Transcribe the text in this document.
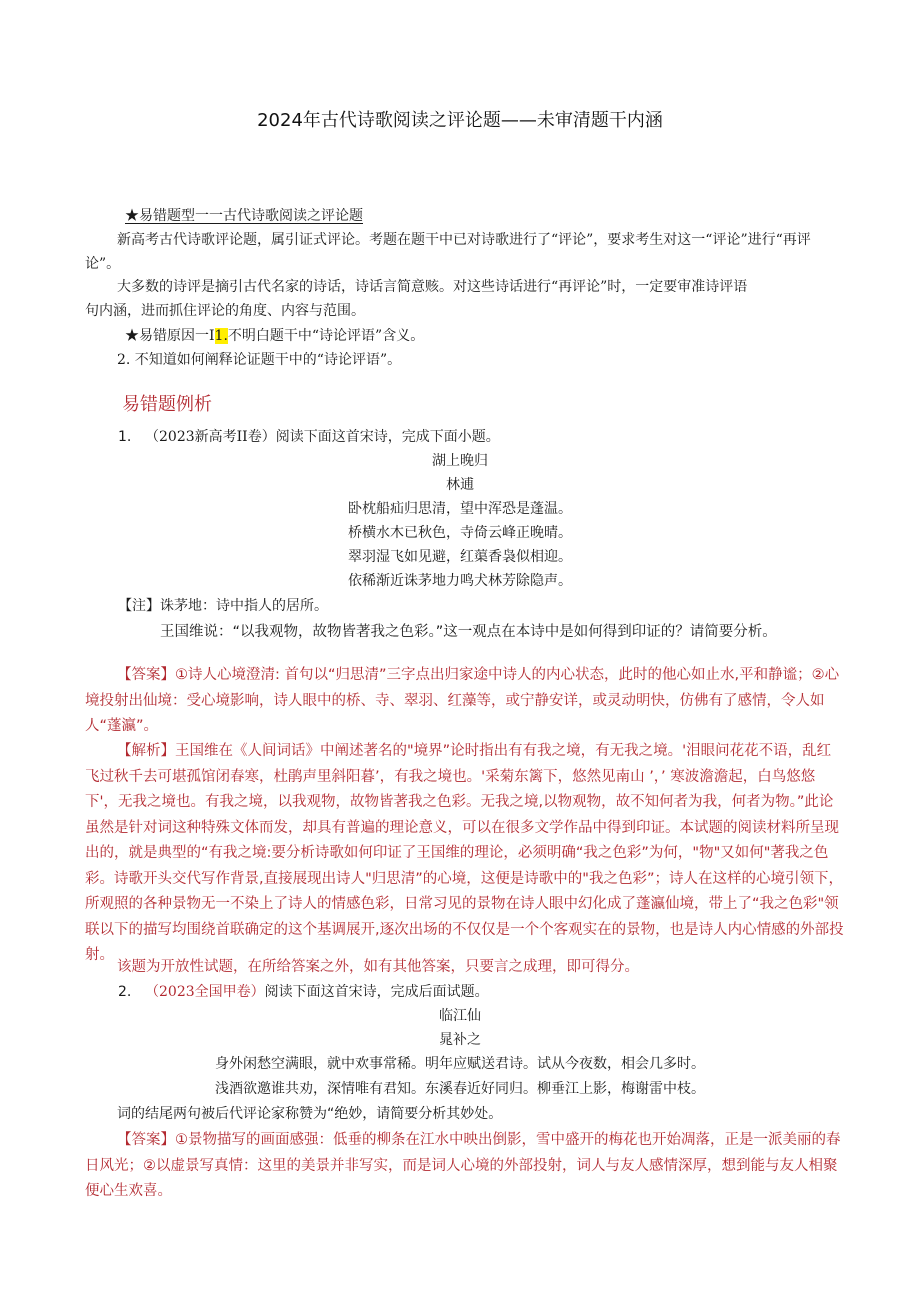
2024年古代诗歌阅读之评论题——未审清题干内涵
★易错题型一一古代诗歌阅读之评论题
新高考古代诗歌评论题，属引证式评论。考题在题干中已对诗歌进行了“评论”，要求考生对这一“评论”进行“再评论”。
大多数的诗评是摘引古代名家的诗话，诗话言简意赅。对这些诗话进行“再评论”时，一定要审准诗评语
句内涵，进而抓住评论的角度、内容与范围。
★易错原因一I1.不明白题干中“诗论评语”含义。
2. 不知道如何阐释论证题干中的“诗论评语”。
易错题例析
1. （2023新高考II卷）阅读下面这首宋诗，完成下面小题。
湖上晚归
林逋
卧枕船疝归思清，望中浑恐是蓬温。
桥横水木已秋色，寺倚云峰正晚晴。
翠羽湿飞如见避，红蕖香袅似相迎。
依稀渐近诛茅地力鸣犬林芳除隐声。
【注】诛茅地：诗中指人的居所。
王国维说：“以我观物，故物皆著我之色彩。”这一观点在本诗中是如何得到印证的？请简要分析。
【答案】①诗人心境澄清: 首句以“归思清”三字点出归家途中诗人的内心状态，此时的他心如止水,平和静谧；②心境投射出仙境：受心境影响，诗人眼中的桥、寺、翠羽、红藻等，或宁静安详，或灵动明快，仿佛有了感情，令人如人“蓬瀛”。
【解析】王国维在《人间词话》中阐述著名的"境界”论时指出有有我之境，有无我之境。'泪眼问花花不语，乱红飞过秋千去可堪孤馆闭春寒，杜鹃声里斜阳暮’，有我之境也。'采菊东篱下，悠然见南山 ’，’ 寒波澹澹起，白鸟悠悠下'，无我之境也。有我之境，以我观物，故物皆著我之色彩。无我之境,以物观物，故不知何者为我，何者为物。”此论虽然是针对词这种特殊文体而发，却具有普遍的理论意义，可以在很多文学作品中得到印证。本试题的阅读材料所呈现出的，就是典型的“有我之境:要分析诗歌如何印证了王国维的理论，必须明确“我之色彩”为何，"物"又如何"著我之色彩。诗歌开头交代写作背景,直接展现出诗人"归思清”的心境，这便是诗歌中的"我之色彩”；诗人在这样的心境引领下，所观照的各种景物无一不染上了诗人的情感色彩，日常习见的景物在诗人眼中幻化成了蓬瀛仙境，带上了“我之色彩"领联以下的描写均围绕首联确定的这个基调展开,逐次出场的不仅仅是一个个客观实在的景物，也是诗人内心情感的外部投射。
该题为开放性试题，在所给答案之外，如有其他答案，只要言之成理，即可得分。
2. （2023全国甲卷）阅读下面这首宋诗，完成后面试题。
临江仙
晁补之
身外闲愁空满眼，就中欢事常稀。明年应赋送君诗。试从今夜数，相会几多时。
浅酒欲邀谁共劝，深情唯有君知。东溪春近好同归。柳垂江上影，梅谢雷中枝。
词的结尾两句被后代评论家称赞为“绝妙，请简要分析其妙处。
【答案】①景物描写的画面感强：低垂的柳条在江水中映出倒影，雪中盛开的梅花也开始凋落，正是一派美丽的春日风光；②以虚景写真情：这里的美景并非写实，而是词人心境的外部投射，词人与友人感情深厚，想到能与友人相聚便心生欢喜。
